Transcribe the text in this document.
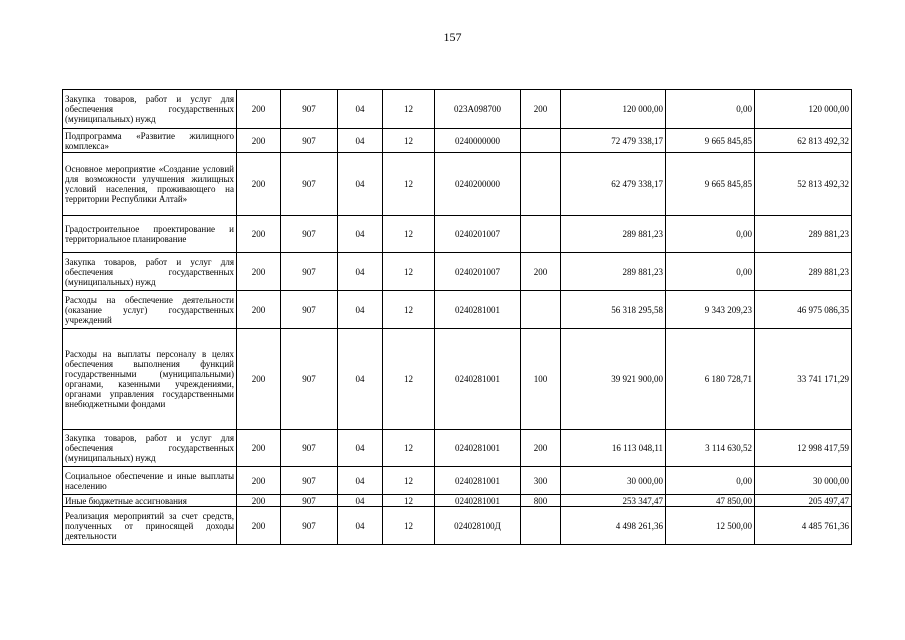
157
Закупка товаров, работ и услуг для обеспечения государственных (муниципальных) нужд	200	907	04	12	023А098700	200	120 000,00	0,00	120 000,00
Подпрограмма «Развитие жилищного комплекса»	200	907	04	12	0240000000		72 479 338,17	9 665 845,85	62 813 492,32
Основное мероприятие «Создание условий для возможности улучшения жилищных условий населения, проживающего на территории Республики Алтай»	200	907	04	12	0240200000		62 479 338,17	9 665 845,85	52 813 492,32
Градостроительное проектирование и территориальное планирование	200	907	04	12	0240201007		289 881,23	0,00	289 881,23
Закупка товаров, работ и услуг для обеспечения государственных (муниципальных) нужд	200	907	04	12	0240201007	200	289 881,23	0,00	289 881,23
Расходы на обеспечение деятельности (оказание услуг) государственных учреждений	200	907	04	12	0240281001		56 318 295,58	9 343 209,23	46 975 086,35
Расходы на выплаты персоналу в целях обеспечения выполнения функций государственными (муниципальными) органами, казенными учреждениями, органами управления государственными внебюджетными фондами	200	907	04	12	0240281001	100	39 921 900,00	6 180 728,71	33 741 171,29
Закупка товаров, работ и услуг для обеспечения государственных (муниципальных) нужд	200	907	04	12	0240281001	200	16 113 048,11	3 114 630,52	12 998 417,59
Социальное обеспечение и иные выплаты населению	200	907	04	12	0240281001	300	30 000,00	0,00	30 000,00
Иные бюджетные ассигнования	200	907	04	12	0240281001	800	253 347,47	47 850,00	205 497,47
Реализация мероприятий за счет средств, полученных от приносящей доходы деятельности	200	907	04	12	024028100Д		4 498 261,36	12 500,00	4 485 761,36
